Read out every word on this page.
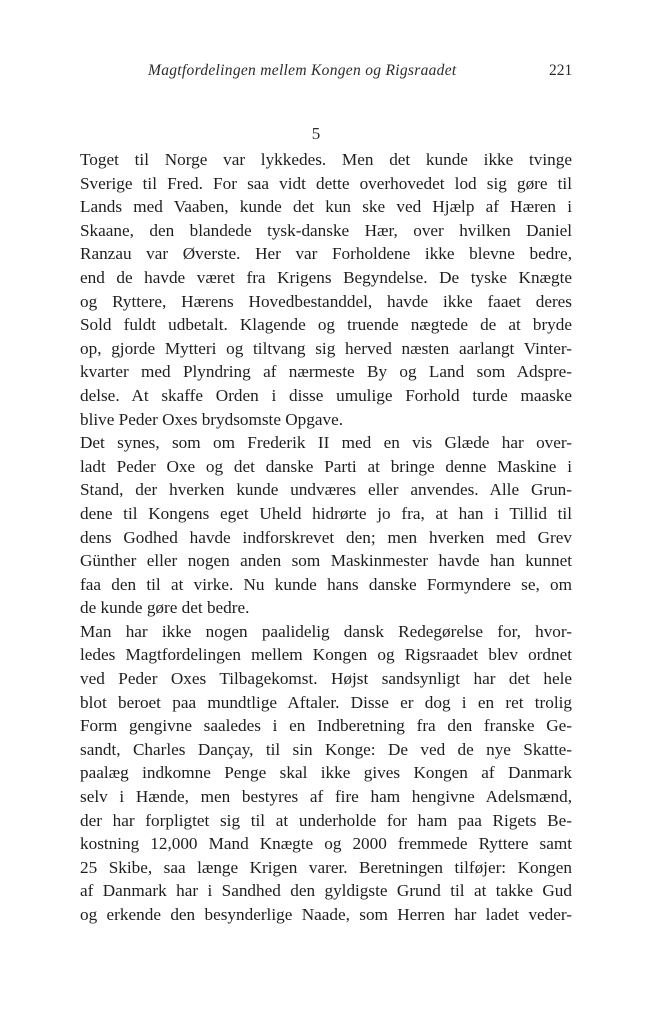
Magtfordelingen mellem Kongen og Rigsraadet	221
5
Toget til Norge var lykkedes. Men det kunde ikke tvinge
Sverige til Fred. For saa vidt dette overhovedet lod sig gøre til
Lands med Vaaben, kunde det kun ske ved Hjælp af Hæren i
Skaane, den blandede tysk-danske Hær, over hvilken Daniel
Ranzau var Øverste. Her var Forholdene ikke blevne bedre,
end de havde været fra Krigens Begyndelse. De tyske Knægte
og Ryttere, Hærens Hovedbestanddel, havde ikke faaet deres
Sold fuldt udbetalt. Klagende og truende nægtede de at bryde
op, gjorde Mytteri og tiltvang sig herved næsten aarlangt Vinter-
kvarter med Plyndring af nærmeste By og Land som Adspre-
delse. At skaffe Orden i disse umulige Forhold turde maaske
blive Peder Oxes brydsomste Opgave.
Det synes, som om Frederik II med en vis Glæde har over-
ladt Peder Oxe og det danske Parti at bringe denne Maskine i
Stand, der hverken kunde undværes eller anvendes. Alle Grun-
dene til Kongens eget Uheld hidrørte jo fra, at han i Tillid til
dens Godhed havde indforskrevet den; men hverken med Grev
Günther eller nogen anden som Maskinmester havde han kunnet
faa den til at virke. Nu kunde hans danske Formyndere se, om
de kunde gøre det bedre.
Man har ikke nogen paalidelig dansk Redegørelse for, hvor-
ledes Magtfordelingen mellem Kongen og Rigsraadet blev ordnet
ved Peder Oxes Tilbagekomst. Højst sandsynligt har det hele
blot beroet paa mundtlige Aftaler. Disse er dog i en ret trolig
Form gengivne saaledes i en Indberetning fra den franske Ge-
sandt, Charles Dançay, til sin Konge: De ved de nye Skatte-
paalæg indkomne Penge skal ikke gives Kongen af Danmark
selv i Hænde, men bestyres af fire ham hengivne Adelsmænd,
der har forpligtet sig til at underholde for ham paa Rigets Be-
kostning 12,000 Mand Knægte og 2000 fremmede Ryttere samt
25 Skibe, saa længe Krigen varer. Beretningen tilføjer: Kongen
af Danmark har i Sandhed den gyldigste Grund til at takke Gud
og erkende den besynderlige Naade, som Herren har ladet veder-
